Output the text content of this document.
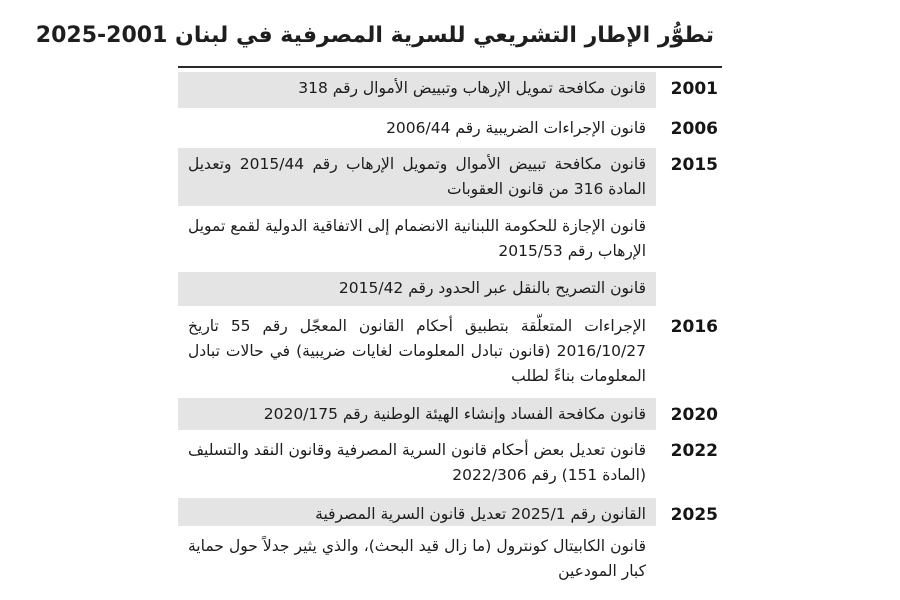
تطوُّر الإطار التشريعي للسرية المصرفية في لبنان 2001-2025
2001
قانون مكافحة تمويل الإرهاب وتبييض الأموال رقم 318
2006
قانون الإجراءات الضريبية رقم 2006/44
2015
قانون مكافحة تبييض الأموال وتمويل الإرهاب رقم 2015/44 وتعديل المادة 316 من قانون العقوبات
قانون الإجازة للحكومة اللبنانية الانضمام إلى الاتفاقية الدولية لقمع تمويل الإرهاب رقم 2015/53
قانون التصريح بالنقل عبر الحدود رقم 2015/42
2016
الإجراءات المتعلّقة بتطبيق أحكام القانون المعجّل رقم 55 تاريخ 2016/10/27 (قانون تبادل المعلومات لغايات ضريبية) في حالات تبادل المعلومات بناءً لطلب
2020
قانون مكافحة الفساد وإنشاء الهيئة الوطنية رقم 2020/175
2022
قانون تعديل بعض أحكام قانون السرية المصرفية وقانون النقد والتسليف (المادة 151) رقم 2022/306
2025
القانون رقم 2025/1 تعديل قانون السرية المصرفية
قانون الكابيتال كونترول (ما زال قيد البحث)، والذي يثير جدلاً حول حماية كبار المودعين
